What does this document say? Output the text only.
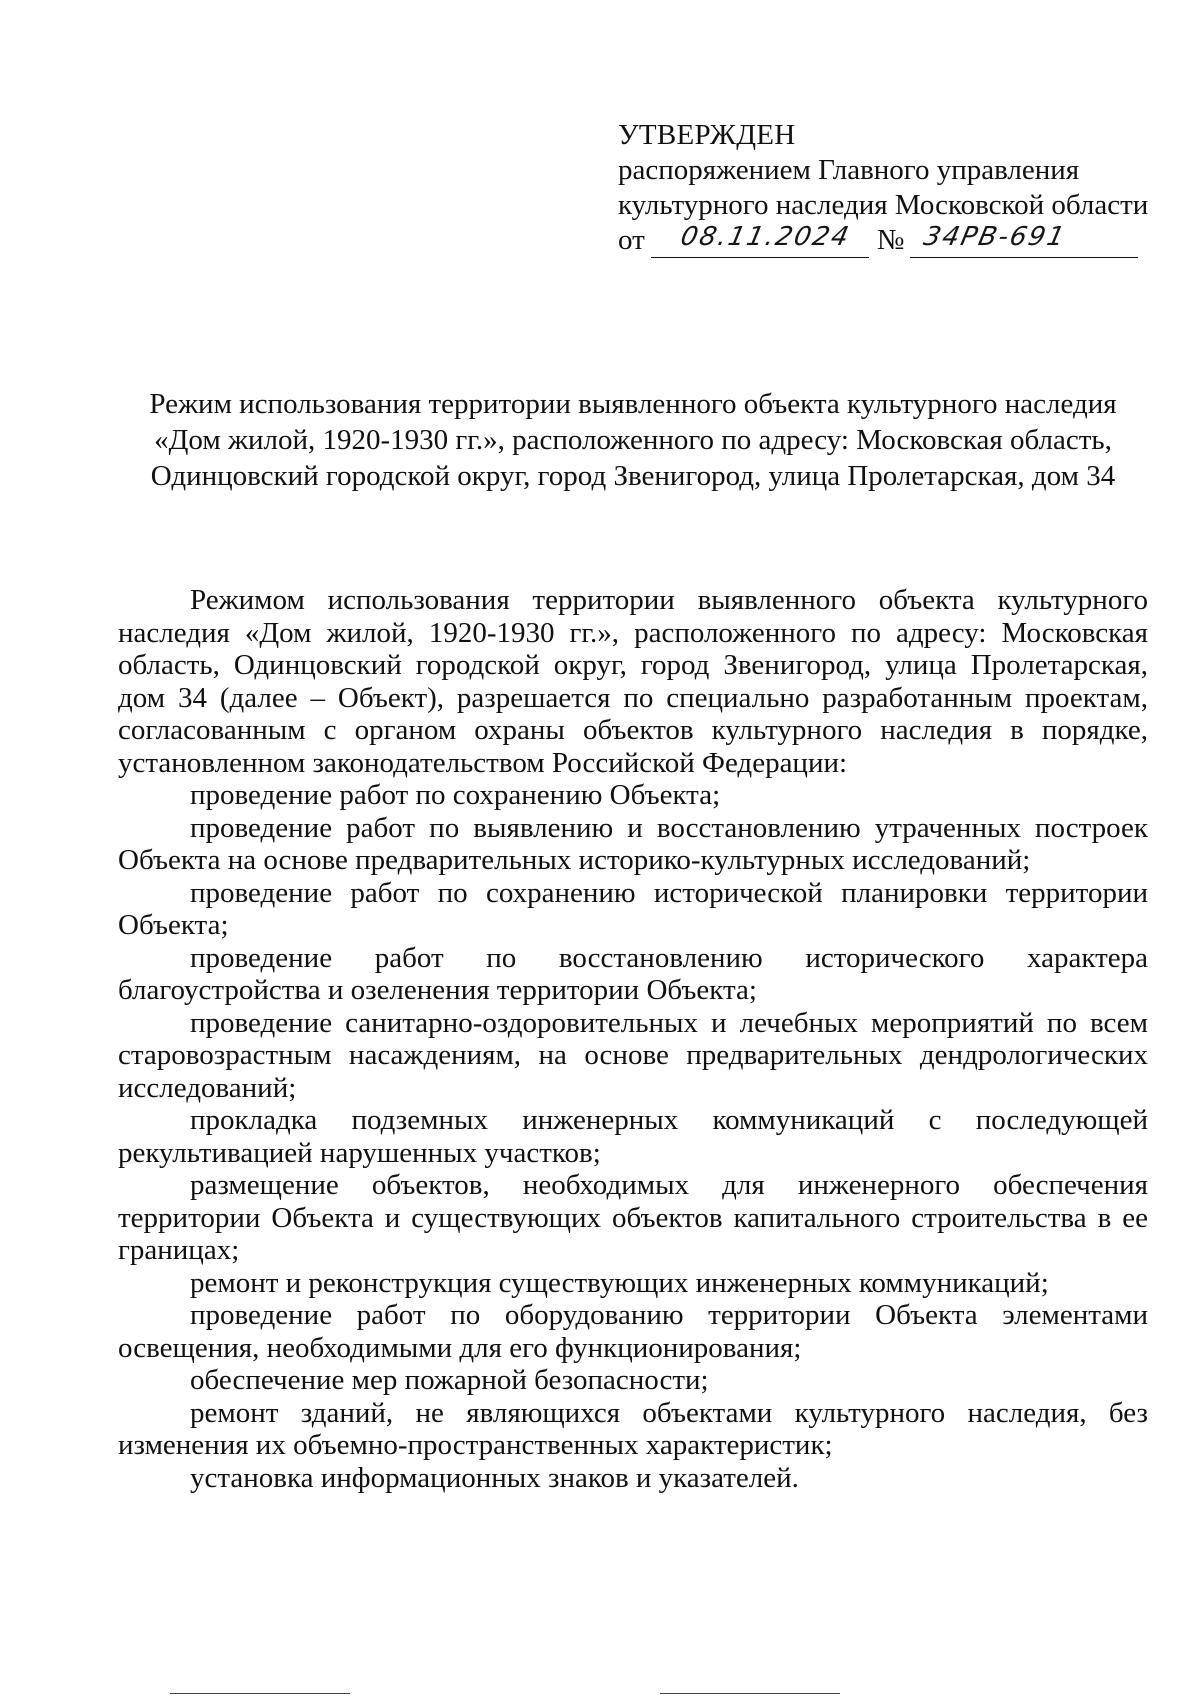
УТВЕРЖДЕН
распоряжением Главного управления
культурного наследия Московской области
от 08.11.2024 № 34РВ-691
Режим использования территории выявленного объекта культурного наследия
«Дом жилой, 1920-1930 гг.», расположенного по адресу: Московская область,
Одинцовский городской округ, город Звенигород, улица Пролетарская, дом 34

Режимом использования территории выявленного объекта культурного наследия «Дом жилой, 1920-1930 гг.», расположенного по адресу: Московская область, Одинцовский городской округ, город Звенигород, улица Пролетарская, дом 34 (далее – Объект), разрешается по специально разработанным проектам, согласованным с органом охраны объектов культурного наследия в порядке, установленном законодательством Российской Федерации:

проведение работ по сохранению Объекта;

проведение работ по выявлению и восстановлению утраченных построек Объекта на основе предварительных историко-культурных исследований;

проведение работ по сохранению исторической планировки территории Объекта;

проведение работ по восстановлению исторического характера благоустройства и озеленения территории Объекта;

проведение санитарно-оздоровительных и лечебных мероприятий по всем старовозрастным насаждениям, на основе предварительных дендрологических исследований;

прокладка подземных инженерных коммуникаций с последующей рекультивацией нарушенных участков;

размещение объектов, необходимых для инженерного обеспечения территории Объекта и существующих объектов капитального строительства в ее границах;

ремонт и реконструкция существующих инженерных коммуникаций;

проведение работ по оборудованию территории Объекта элементами освещения, необходимыми для его функционирования;

обеспечение мер пожарной безопасности;

ремонт зданий, не являющихся объектами культурного наследия, без изменения их объемно-пространственных характеристик;

установка информационных знаков и указателей.
